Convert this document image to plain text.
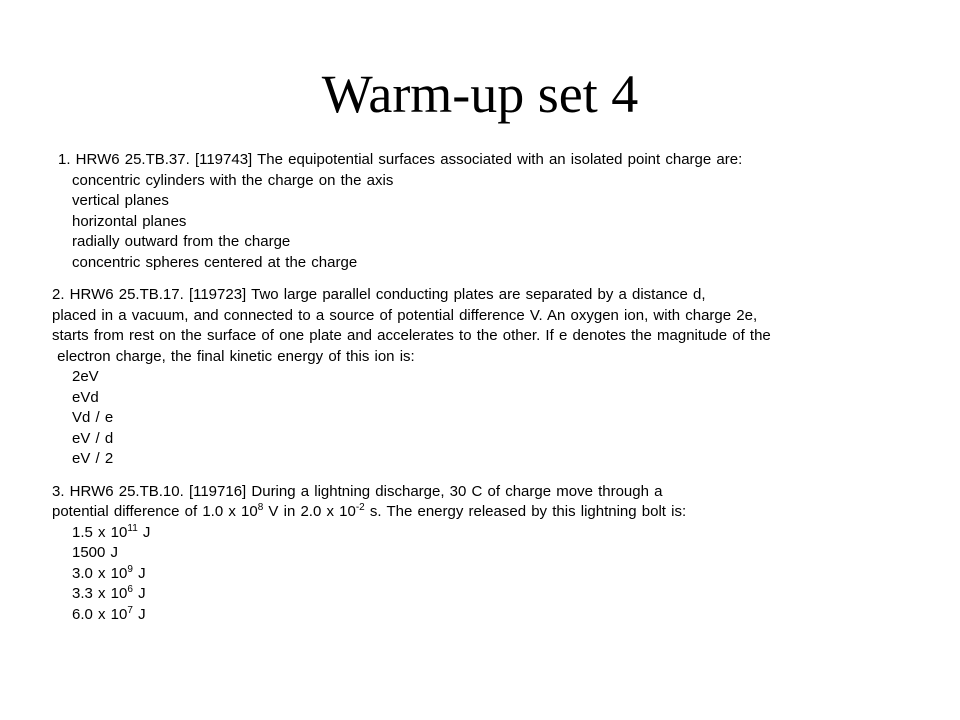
Warm-up set 4
1. HRW6 25.TB.37. [119743] The equipotential surfaces associated with an isolated point charge are:
concentric cylinders with the charge on the axis
vertical planes
horizontal planes
radially outward from the charge
concentric spheres centered at the charge
2. HRW6 25.TB.17. [119723] Two large parallel conducting plates are separated by a distance d,
placed in a vacuum, and connected to a source of potential difference V. An oxygen ion, with charge 2e,
starts from rest on the surface of one plate and accelerates to the other. If e denotes the magnitude of the
electron charge, the final kinetic energy of this ion is:
2eV
eVd
Vd / e
eV / d
eV / 2
3. HRW6 25.TB.10. [119716] During a lightning discharge, 30 C of charge move through a
potential difference of 1.0 x $10^8$ V in 2.0 x $10^{-2}$ s. The energy released by this lightning bolt is:
1.5 x $10^{11}$ J
1500 J
3.0 x $10^9$ J
3.3 x $10^6$ J
6.0 x $10^7$ J
